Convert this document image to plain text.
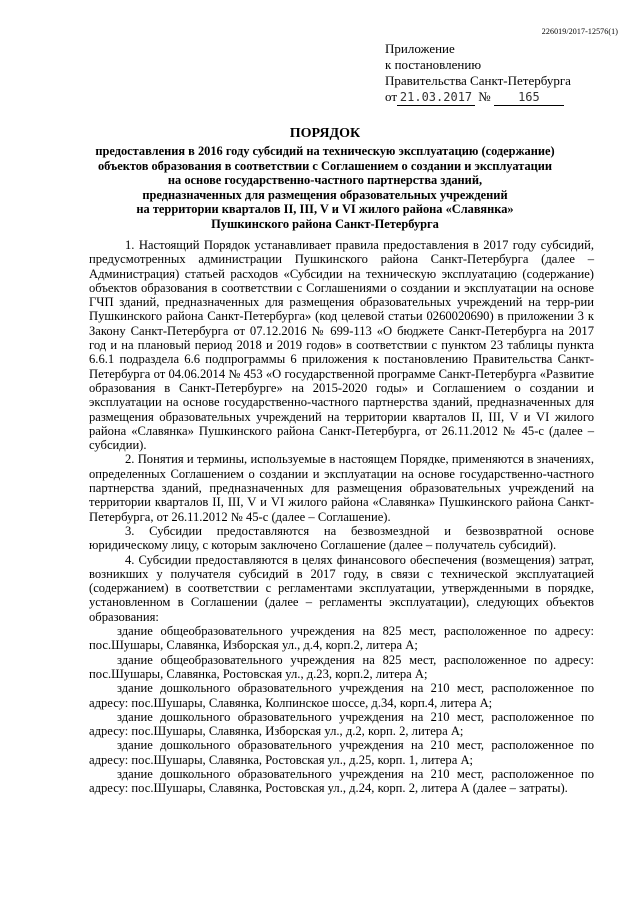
226019/2017-12576(1)
Приложение
к постановлению
Правительства Санкт-Петербурга
от 21.03.2017 № 165
ПОРЯДОК
предоставления в 2016 году субсидий на техническую эксплуатацию (содержание)
объектов образования в соответствии с Соглашением о создании и эксплуатации
на основе государственно-частного партнерства зданий,
предназначенных для размещения образовательных учреждений
на территории кварталов II, III, V и VI жилого района «Славянка»
Пушкинского района Санкт-Петербурга

1. Настоящий Порядок устанавливает правила предоставления в 2017 году субсидий, предусмотренных администрации Пушкинского района Санкт-Петербурга (далее – Администрация) статьей расходов «Субсидии на техническую эксплуатацию (содержание) объектов образования в соответствии с Соглашениями о создании и эксплуатации на основе ГЧП зданий, предназначенных для размещения образовательных учреждений на терр-рии Пушкинского района Санкт-Петербурга» (код целевой статьи 0260020690) в приложении 3 к Закону Санкт-Петербурга от 07.12.2016 № 699-113 «О бюджете Санкт-Петербурга на 2017 год и на плановый период 2018 и 2019 годов» в соответствии с пунктом 23 таблицы пункта 6.6.1 подраздела 6.6 подпрограммы 6 приложения к постановлению Правительства Санкт-Петербурга от 04.06.2014 № 453 «О государственной программе Санкт-Петербурга «Развитие образования в Санкт-Петербурге» на 2015-2020 годы» и Соглашением о создании и эксплуатации на основе государственно-частного партнерства зданий, предназначенных для размещения образовательных учреждений на территории кварталов II, III, V и VI жилого района «Славянка» Пушкинского района Санкт-Петербурга, от 26.11.2012 № 45-с (далее – субсидии).

2. Понятия и термины, используемые в настоящем Порядке, применяются в значениях, определенных Соглашением о создании и эксплуатации на основе государственно-частного партнерства зданий, предназначенных для размещения образовательных учреждений на территории кварталов II, III, V и VI жилого района «Славянка» Пушкинского района Санкт-Петербурга, от 26.11.2012 № 45-с (далее – Соглашение).

3. Субсидии предоставляются на безвозмездной и безвозвратной основе юридическому лицу, с которым заключено Соглашение (далее – получатель субсидий).

4. Субсидии предоставляются в целях финансового обеспечения (возмещения) затрат, возникших у получателя субсидий в 2017 году, в связи с технической эксплуатацией (содержанием) в соответствии с регламентами эксплуатации, утвержденными в порядке, установленном в Соглашении (далее – регламенты эксплуатации), следующих объектов образования:

здание общеобразовательного учреждения на 825 мест, расположенное по адресу: пос.Шушары, Славянка, Изборская ул., д.4, корп.2, литера А;

здание общеобразовательного учреждения на 825 мест, расположенное по адресу: пос.Шушары, Славянка, Ростовская ул., д.23, корп.2, литера А;

здание дошкольного образовательного учреждения на 210 мест, расположенное по адресу: пос.Шушары, Славянка, Колпинское шоссе, д.34, корп.4, литера А;

здание дошкольного образовательного учреждения на 210 мест, расположенное по адресу: пос.Шушары, Славянка, Изборская ул., д.2, корп. 2, литера А;

здание дошкольного образовательного учреждения на 210 мест, расположенное по адресу: пос.Шушары, Славянка, Ростовская ул., д.25, корп. 1, литера А;

здание дошкольного образовательного учреждения на 210 мест, расположенное по адресу: пос.Шушары, Славянка, Ростовская ул., д.24, корп. 2, литера А (далее – затраты).
